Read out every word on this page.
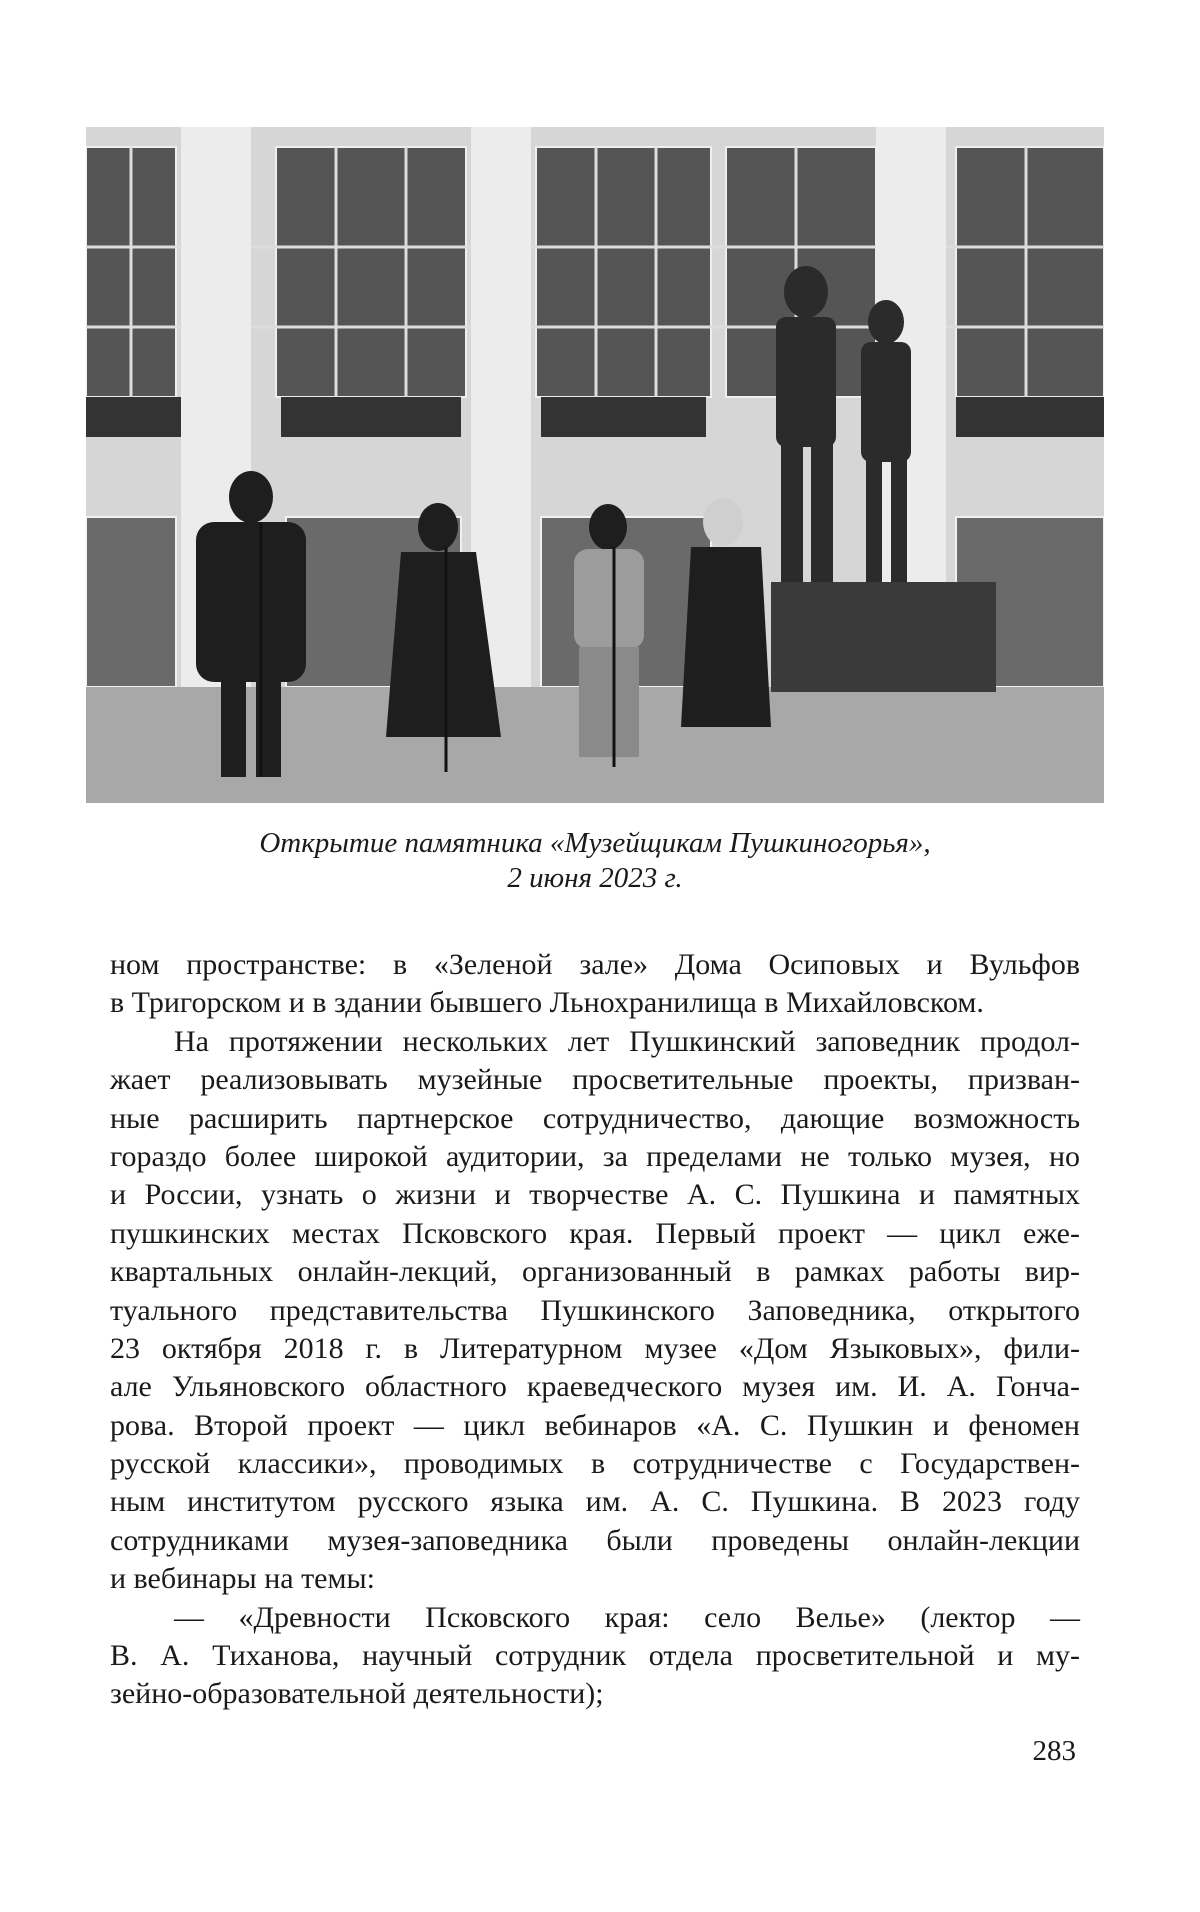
Открытие памятника «Музейщикам Пушкиногорья»,
2 июня 2023 г.
ном пространстве: в «Зеленой зале» Дома Осиповых и Вульфов
в Тригорском и в здании бывшего Льнохранилища в Михайловском.
На протяжении нескольких лет Пушкинский заповедник продол-
жает реализовывать музейные просветительные проекты, призван-
ные расширить партнерское сотрудничество, дающие возможность
гораздо более широкой аудитории, за пределами не только музея, но
и России, узнать о жизни и творчестве А. С. Пушкина и памятных
пушкинских местах Псковского края. Первый проект — цикл еже-
квартальных онлайн-лекций, организованный в рамках работы вир-
туального представительства Пушкинского Заповедника, открытого
23 октября 2018 г. в Литературном музее «Дом Языковых», фили-
але Ульяновского областного краеведческого музея им. И. А. Гонча-
рова. Второй проект — цикл вебинаров «А. С. Пушкин и феномен
русской классики», проводимых в сотрудничестве с Государствен-
ным институтом русского языка им. А. С. Пушкина. В 2023 году
сотрудниками музея-заповедника были проведены онлайн-лекции
и вебинары на темы:
— «Древности Псковского края: село Велье» (лектор —
В. А. Тиханова, научный сотрудник отдела просветительной и му-
зейно-образовательной деятельности);
283
